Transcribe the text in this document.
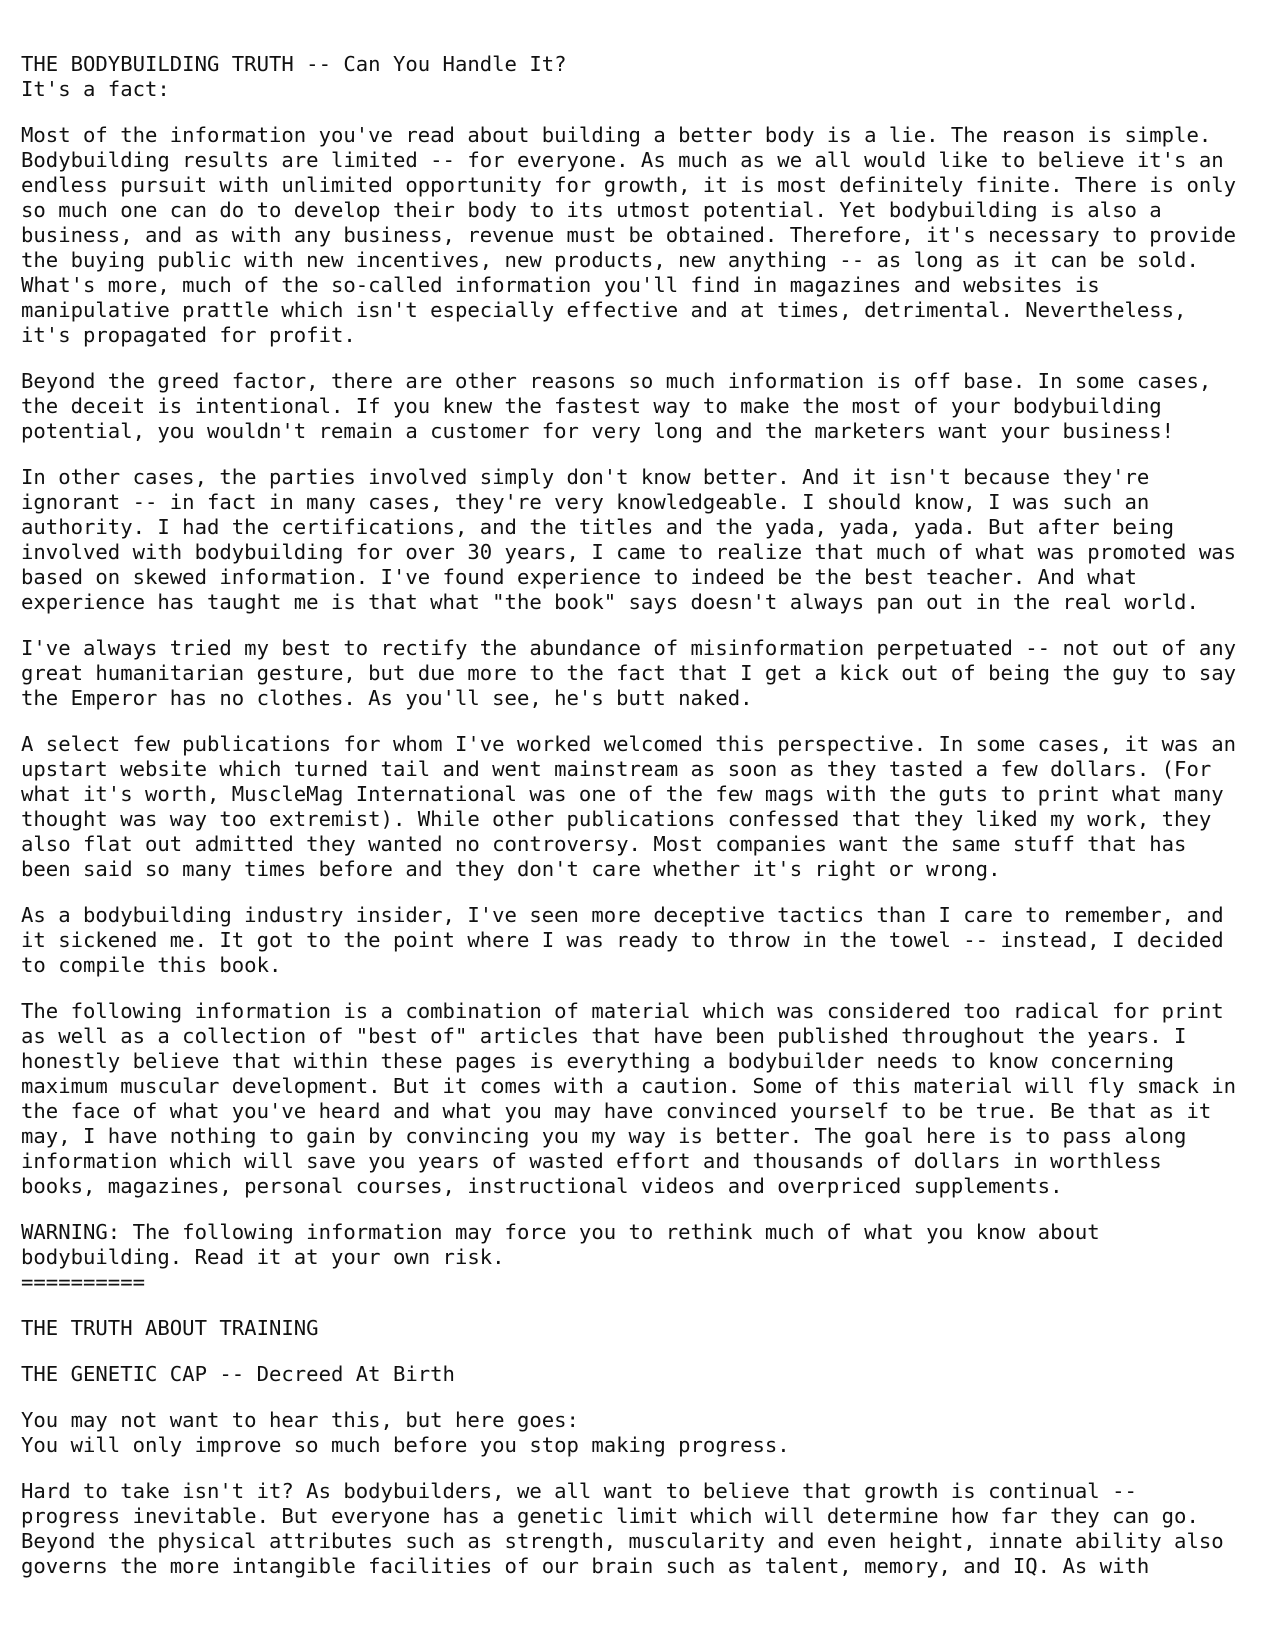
THE BODYBUILDING TRUTH -- Can You Handle It?
It's a fact:
Most of the information you've read about building a better body is a lie. The reason is simple.
Bodybuilding results are limited -- for everyone. As much as we all would like to believe it's an
endless pursuit with unlimited opportunity for growth, it is most definitely finite. There is only
so much one can do to develop their body to its utmost potential. Yet bodybuilding is also a
business, and as with any business, revenue must be obtained. Therefore, it's necessary to provide
the buying public with new incentives, new products, new anything -- as long as it can be sold.
What's more, much of the so-called information you'll find in magazines and websites is
manipulative prattle which isn't especially effective and at times, detrimental. Nevertheless,
it's propagated for profit.
Beyond the greed factor, there are other reasons so much information is off base. In some cases,
the deceit is intentional. If you knew the fastest way to make the most of your bodybuilding
potential, you wouldn't remain a customer for very long and the marketers want your business!
In other cases, the parties involved simply don't know better. And it isn't because they're
ignorant -- in fact in many cases, they're very knowledgeable. I should know, I was such an
authority. I had the certifications, and the titles and the yada, yada, yada. But after being
involved with bodybuilding for over 30 years, I came to realize that much of what was promoted was
based on skewed information. I've found experience to indeed be the best teacher. And what
experience has taught me is that what "the book" says doesn't always pan out in the real world.
I've always tried my best to rectify the abundance of misinformation perpetuated -- not out of any
great humanitarian gesture, but due more to the fact that I get a kick out of being the guy to say
the Emperor has no clothes. As you'll see, he's butt naked.
A select few publications for whom I've worked welcomed this perspective. In some cases, it was an
upstart website which turned tail and went mainstream as soon as they tasted a few dollars. (For
what it's worth, MuscleMag International was one of the few mags with the guts to print what many
thought was way too extremist). While other publications confessed that they liked my work, they
also flat out admitted they wanted no controversy. Most companies want the same stuff that has
been said so many times before and they don't care whether it's right or wrong.
As a bodybuilding industry insider, I've seen more deceptive tactics than I care to remember, and
it sickened me. It got to the point where I was ready to throw in the towel -- instead, I decided
to compile this book.
The following information is a combination of material which was considered too radical for print
as well as a collection of "best of" articles that have been published throughout the years. I
honestly believe that within these pages is everything a bodybuilder needs to know concerning
maximum muscular development. But it comes with a caution. Some of this material will fly smack in
the face of what you've heard and what you may have convinced yourself to be true. Be that as it
may, I have nothing to gain by convincing you my way is better. The goal here is to pass along
information which will save you years of wasted effort and thousands of dollars in worthless
books, magazines, personal courses, instructional videos and overpriced supplements.
WARNING: The following information may force you to rethink much of what you know about
bodybuilding. Read it at your own risk.
==========
THE TRUTH ABOUT TRAINING
THE GENETIC CAP -- Decreed At Birth
You may not want to hear this, but here goes:
You will only improve so much before you stop making progress.
Hard to take isn't it? As bodybuilders, we all want to believe that growth is continual --
progress inevitable. But everyone has a genetic limit which will determine how far they can go.
Beyond the physical attributes such as strength, muscularity and even height, innate ability also
governs the more intangible facilities of our brain such as talent, memory, and IQ. As with
